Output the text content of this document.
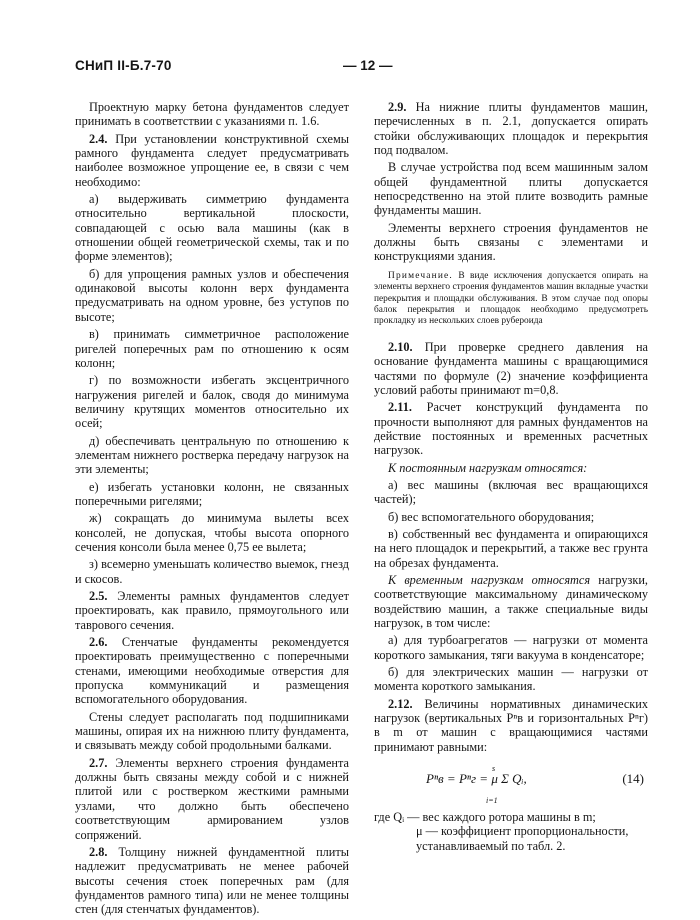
СНиП II-Б.7-70	— 12 —

Проектную марку бетона фундаментов следует принимать в соответствии с указаниями п. 1.6.

2.4. При установлении конструктивной схемы рамного фундамента следует предусматривать наиболее возможное упрощение ее, в связи с чем необходимо:

а) выдерживать симметрию фундамента относительно вертикальной плоскости, совпадающей с осью вала машины (как в отношении общей геометрической схемы, так и по форме элементов);

б) для упрощения рамных узлов и обеспечения одинаковой высоты колонн верх фундамента предусматривать на одном уровне, без уступов по высоте;

в) принимать симметричное расположение ригелей поперечных рам по отношению к осям колонн;

г) по возможности избегать эксцентричного нагружения ригелей и балок, сводя до минимума величину крутящих моментов относительно их осей;

д) обеспечивать центральную по отношению к элементам нижнего ростверка передачу нагрузок на эти элементы;

е) избегать установки колонн, не связанных поперечными ригелями;

ж) сокращать до минимума вылеты всех консолей, не допуская, чтобы высота опорного сечения консоли была менее 0,75 ее вылета;

з) всемерно уменьшать количество выемок, гнезд и скосов.

2.5. Элементы рамных фундаментов следует проектировать, как правило, прямоугольного или таврового сечения.

2.6. Стенчатые фундаменты рекомендуется проектировать преимущественно с поперечными стенами, имеющими необходимые отверстия для пропуска коммуникаций и размещения вспомогательного оборудования.

Стены следует располагать под подшипниками машины, опирая их на нижнюю плиту фундамента, и связывать между собой продольными балками.

2.7. Элементы верхнего строения фундамента должны быть связаны между собой и с нижней плитой или с ростверком жесткими рамными узлами, что должно быть обеспечено соответствующим армированием узлов сопряжений.

2.8. Толщину нижней фундаментной плиты надлежит предусматривать не менее рабочей высоты сечения стоек поперечных рам (для фундаментов рамного типа) или не менее толщины стен (для стенчатых фундаментов).

2.9. На нижние плиты фундаментов машин, перечисленных в п. 2.1, допускается опирать стойки обслуживающих площадок и перекрытия под подвалом.

В случае устройства под всем машинным залом общей фундаментной плиты допускается непосредственно на этой плите возводить рамные фундаменты машин.

Элементы верхнего строения фундаментов не должны быть связаны с элементами и конструкциями здания.

Примечание. В виде исключения допускается опирать на элементы верхнего строения фундаментов машин вкладные участки перекрытия и площадки обслуживания. В этом случае под опоры балок перекрытия и площадок необходимо предусмотреть прокладку из нескольких слоев рубероида

2.10. При проверке среднего давления на основание фундамента машины с вращающимися частями по формуле (2) значение коэффициента условий работы принимают m=0,8.

2.11. Расчет конструкций фундамента по прочности выполняют для рамных фундаментов на действие постоянных и временных расчетных нагрузок.

К постоянным нагрузкам относятся:

а) вес машины (включая вес вращающихся частей);

б) вес вспомогательного оборудования;

в) собственный вес фундамента и опирающихся на него площадок и перекрытий, а также вес грунта на обрезах фундамента.

К временным нагрузкам относятся нагрузки, соответствующие максимальному динамическому воздействию машин, а также специальные виды нагрузок, в том числе:

а) для турбоагрегатов — нагрузки от момента короткого замыкания, тяги вакуума в конденсаторе;

б) для электрических машин — нагрузки от момента короткого замыкания.

2.12. Величины нормативных динамических нагрузок (вертикальных Pⁿв и горизонтальных Pⁿг) в m от машин с вращающимися частями принимают равными:

s
Pⁿв = Pⁿг = μ Σ Qᵢ,
i=1
(14)
где Qᵢ — вес каждого ротора машины в m;
μ — коэффициент пропорциональности,
устанавливаемый по табл. 2.
